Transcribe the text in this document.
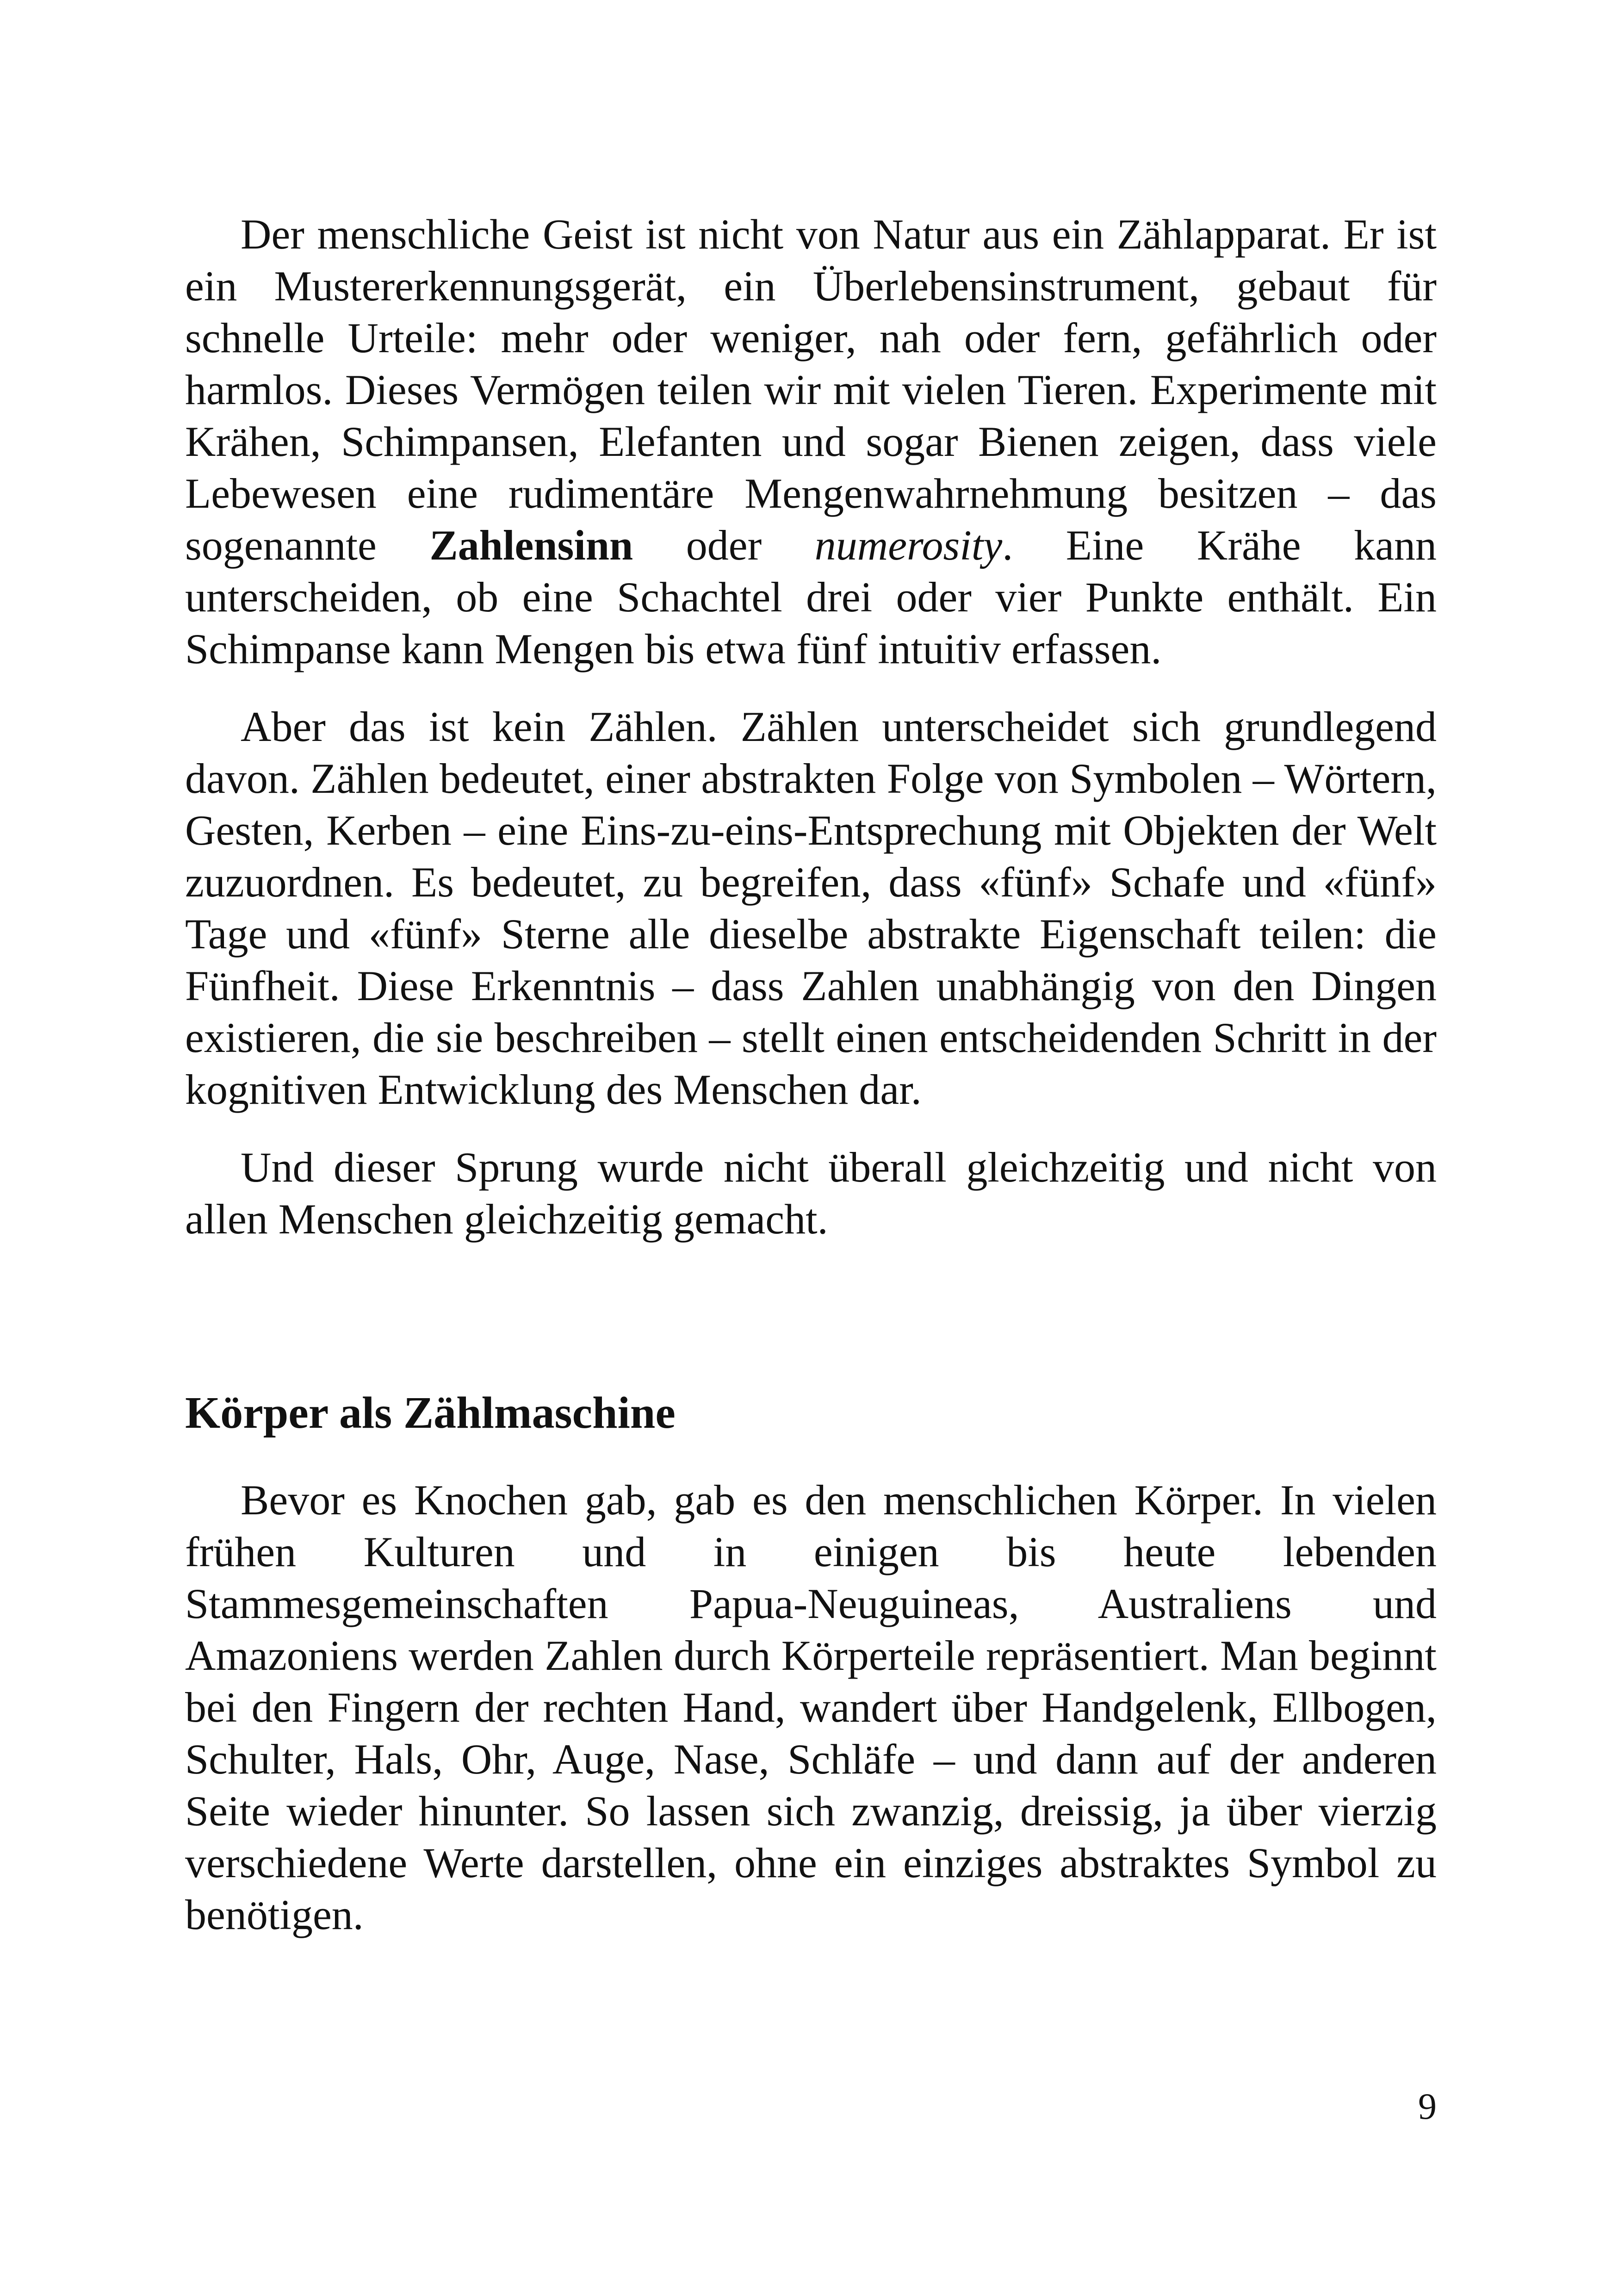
Der menschliche Geist ist nicht von Natur aus ein Zählapparat. Er ist ein Mustererkennungsgerät, ein Überlebensinstrument, gebaut für schnelle Urteile: mehr oder weniger, nah oder fern, gefährlich oder harmlos. Dieses Vermögen teilen wir mit vielen Tieren. Experimente mit Krähen, Schimpansen, Elefanten und sogar Bienen zeigen, dass viele Lebewesen eine rudimentäre Mengenwahrnehmung besitzen – das sogenannte Zahlensinn oder numerosity. Eine Krähe kann unterscheiden, ob eine Schachtel drei oder vier Punkte enthält. Ein Schimpanse kann Mengen bis etwa fünf intuitiv erfassen.

Aber das ist kein Zählen. Zählen unterscheidet sich grundlegend davon. Zählen bedeutet, einer abstrakten Folge von Symbolen – Wörtern, Gesten, Kerben – eine Eins-zu-eins-Entsprechung mit Objekten der Welt zuzuordnen. Es bedeutet, zu begreifen, dass «fünf» Schafe und «fünf» Tage und «fünf» Sterne alle dieselbe abstrakte Eigenschaft teilen: die Fünfheit. Diese Erkenntnis – dass Zahlen unabhängig von den Dingen existieren, die sie beschreiben – stellt einen entscheidenden Schritt in der kognitiven Entwicklung des Menschen dar.

Und dieser Sprung wurde nicht überall gleichzeitig und nicht von allen Menschen gleichzeitig gemacht.

Körper als Zählmaschine

Bevor es Knochen gab, gab es den menschlichen Körper. In vielen frühen Kulturen und in einigen bis heute lebenden Stammesgemeinschaften Papua-Neuguineas, Australiens und Amazoniens werden Zahlen durch Körperteile repräsentiert. Man beginnt bei den Fingern der rechten Hand, wandert über Handgelenk, Ellbogen, Schulter, Hals, Ohr, Auge, Nase, Schläfe – und dann auf der anderen Seite wieder hinunter. So lassen sich zwanzig, dreissig, ja über vierzig verschiedene Werte darstellen, ohne ein einziges abstraktes Symbol zu benötigen.

9
